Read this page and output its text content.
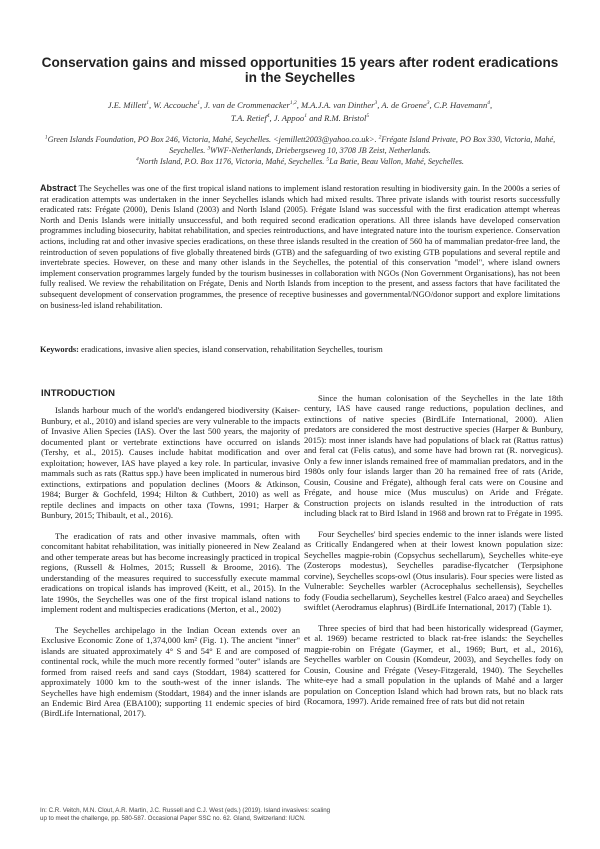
Conservation gains and missed opportunities 15 years after rodent eradications in the Seychelles
J.E. Millett$^1$, W. Accouche$^1$, J. van de Crommenacker$^{1,2}$, M.A.J.A. van Dinther$^3$, A. de Groene$^3$, C.P. Havemann$^4$,
T.A. Retief$^4$, J. Appoo$^1$ and R.M. Bristol$^5$
$^1$Green Islands Foundation, PO Box 246, Victoria, Mahé, Seychelles. <jemillett2003@yahoo.co.uk>. $^2$Frégate Island Private, PO Box 330, Victoria, Mahé, Seychelles. $^3$WWF-Netherlands, Driebergseweg 10, 3708 JB Zeist, Netherlands.
$^4$North Island, P.O. Box 1176, Victoria, Mahé, Seychelles. $^5$La Batie, Beau Vallon, Mahé, Seychelles.
Abstract The Seychelles was one of the first tropical island nations to implement island restoration resulting in biodiversity gain. In the 2000s a series of rat eradication attempts was undertaken in the inner Seychelles islands which had mixed results. Three private islands with tourist resorts successfully eradicated rats: Frégate (2000), Denis Island (2003) and North Island (2005). Frégate Island was successful with the first eradication attempt whereas North and Denis Islands were initially unsuccessful, and both required second eradication operations. All three islands have developed conservation programmes including biosecurity, habitat rehabilitation, and species reintroductions, and have integrated nature into the tourism experience. Conservation actions, including rat and other invasive species eradications, on these three islands resulted in the creation of 560 ha of mammalian predator-free land, the reintroduction of seven populations of five globally threatened birds (GTB) and the safeguarding of two existing GTB populations and several reptile and invertebrate species. However, on these and many other islands in the Seychelles, the potential of this conservation "model", where island owners implement conservation programmes largely funded by the tourism businesses in collaboration with NGOs (Non Government Organisations), has not been fully realised. We review the rehabilitation on Frégate, Denis and North Islands from inception to the present, and assess factors that have facilitated the subsequent development of conservation programmes, the presence of receptive businesses and governmental/NGO/donor support and explore limitations on business-led island rehabilitation.
Keywords: eradications, invasive alien species, island conservation, rehabilitation Seychelles, tourism
INTRODUCTION

Islands harbour much of the world's endangered biodiversity (Kaiser-Bunbury, et al., 2010) and island species are very vulnerable to the impacts of Invasive Alien Species (IAS). Over the last 500 years, the majority of documented plant or vertebrate extinctions have occurred on islands (Tershy, et al., 2015). Causes include habitat modification and over exploitation; however, IAS have played a key role. In particular, invasive mammals such as rats (Rattus spp.) have been implicated in numerous bird extinctions, extirpations and population declines (Moors & Atkinson, 1984; Burger & Gochfeld, 1994; Hilton & Cuthbert, 2010) as well as reptile declines and impacts on other taxa (Towns, 1991; Harper & Bunbury, 2015; Thibault, et al., 2016).

The eradication of rats and other invasive mammals, often with concomitant habitat rehabilitation, was initially pioneered in New Zealand and other temperate areas but has become increasingly practiced in tropical regions, (Russell & Holmes, 2015; Russell & Broome, 2016). The understanding of the measures required to successfully execute mammal eradications on tropical islands has improved (Keitt, et al., 2015). In the late 1990s, the Seychelles was one of the first tropical island nations to implement rodent and multispecies eradications (Merton, et al., 2002)

The Seychelles archipelago in the Indian Ocean extends over an Exclusive Economic Zone of 1,374,000 km² (Fig. 1). The ancient "inner" islands are situated approximately 4° S and 54° E and are composed of continental rock, while the much more recently formed "outer" islands are formed from raised reefs and sand cays (Stoddart, 1984) scattered for approximately 1000 km to the south-west of the inner islands. The Seychelles have high endemism (Stoddart, 1984) and the inner islands are an Endemic Bird Area (EBA100); supporting 11 endemic species of bird (BirdLife International, 2017).

Since the human colonisation of the Seychelles in the late 18th century, IAS have caused range reductions, population declines, and extinctions of native species (BirdLife International, 2000). Alien predators are considered the most destructive species (Harper & Bunbury, 2015): most inner islands have had populations of black rat (Rattus rattus) and feral cat (Felis catus), and some have had brown rat (R. norvegicus). Only a few inner islands remained free of mammalian predators, and in the 1980s only four islands larger than 20 ha remained free of rats (Aride, Cousin, Cousine and Frégate), although feral cats were on Cousine and Frégate, and house mice (Mus musculus) on Aride and Frégate. Construction projects on islands resulted in the introduction of rats including black rat to Bird Island in 1968 and brown rat to Frégate in 1995.

Four Seychelles' bird species endemic to the inner islands were listed as Critically Endangered when at their lowest known population size: Seychelles magpie-robin (Copsychus sechellarum), Seychelles white-eye (Zosterops modestus), Seychelles paradise-flycatcher (Terpsiphone corvine), Seychelles scops-owl (Otus insularis). Four species were listed as Vulnerable: Seychelles warbler (Acrocephalus sechellensis), Seychelles fody (Foudia sechellarum), Seychelles kestrel (Falco araea) and Seychelles swiftlet (Aerodramus elaphrus) (BirdLife International, 2017) (Table 1).

Three species of bird that had been historically widespread (Gaymer, et al. 1969) became restricted to black rat-free islands: the Seychelles magpie-robin on Frégate (Gaymer, et al., 1969; Burt, et al., 2016), Seychelles warbler on Cousin (Komdeur, 2003), and Seychelles fody on Cousin, Cousine and Frégate (Vesey-Fitzgerald, 1940). The Seychelles white-eye had a small population in the uplands of Mahé and a larger population on Conception Island which had brown rats, but no black rats (Rocamora, 1997). Aride remained free of rats but did not retain

In: C.R. Veitch, M.N. Clout, A.R. Martin, J.C. Russell and C.J. West (eds.) (2019). Island invasives: scaling
up to meet the challenge, pp. 580-587. Occasional Paper SSC no. 62. Gland, Switzerland: IUCN.
